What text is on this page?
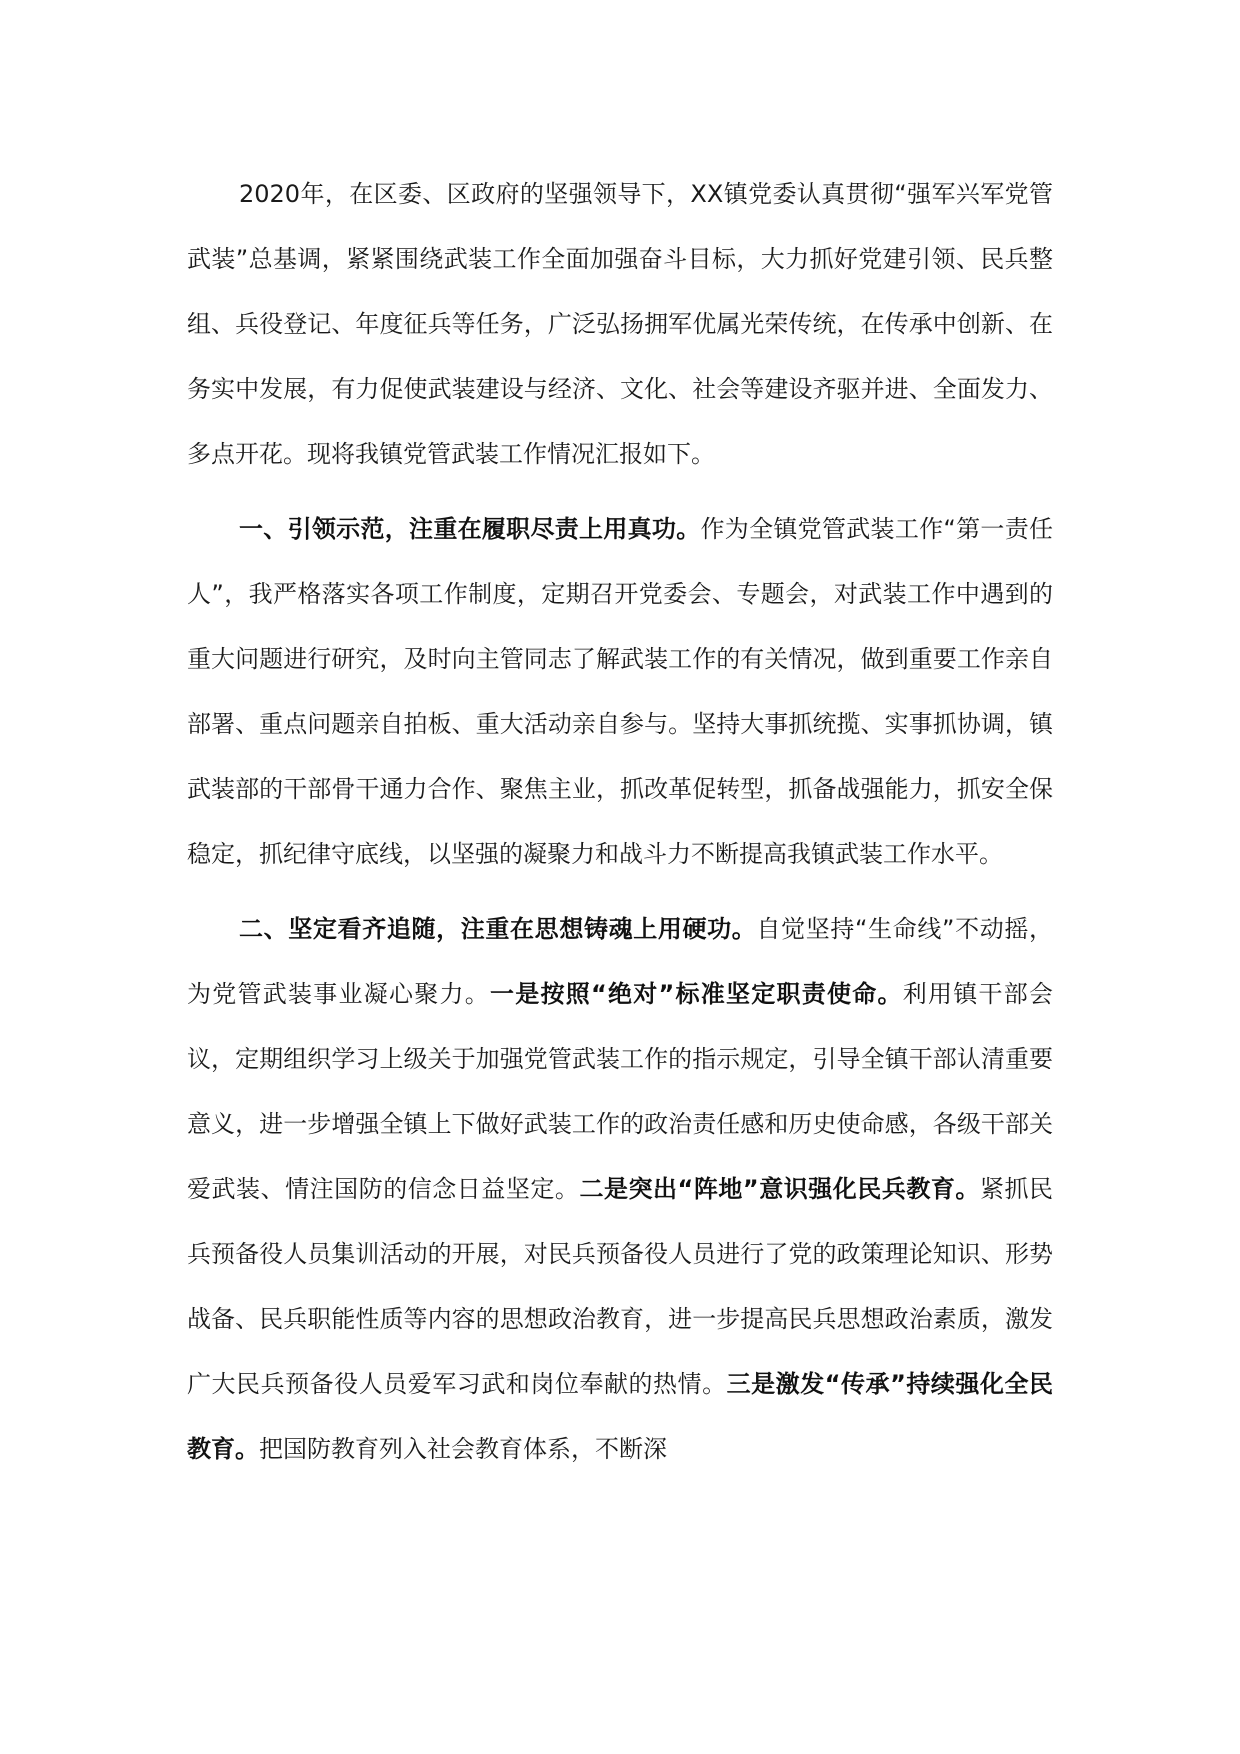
2020年，在区委、区政府的坚强领导下，XX镇党委认真贯彻“强军兴军党管武装”总基调，紧紧围绕武装工作全面加强奋斗目标，大力抓好党建引领、民兵整组、兵役登记、年度征兵等任务，广泛弘扬拥军优属光荣传统，在传承中创新、在务实中发展，有力促使武装建设与经济、文化、社会等建设齐驱并进、全面发力、多点开花。现将我镇党管武装工作情况汇报如下。

一、引领示范，注重在履职尽责上用真功。作为全镇党管武装工作“第一责任人”，我严格落实各项工作制度，定期召开党委会、专题会，对武装工作中遇到的重大问题进行研究，及时向主管同志了解武装工作的有关情况，做到重要工作亲自部署、重点问题亲自拍板、重大活动亲自参与。坚持大事抓统揽、实事抓协调，镇武装部的干部骨干通力合作、聚焦主业，抓改革促转型，抓备战强能力，抓安全保稳定，抓纪律守底线，以坚强的凝聚力和战斗力不断提高我镇武装工作水平。

二、坚定看齐追随，注重在思想铸魂上用硬功。自觉坚持“生命线”不动摇，为党管武装事业凝心聚力。一是按照“绝对”标准坚定职责使命。利用镇干部会议，定期组织学习上级关于加强党管武装工作的指示规定，引导全镇干部认清重要意义，进一步增强全镇上下做好武装工作的政治责任感和历史使命感，各级干部关爱武装、情注国防的信念日益坚定。二是突出“阵地”意识强化民兵教育。紧抓民兵预备役人员集训活动的开展，对民兵预备役人员进行了党的政策理论知识、形势战备、民兵职能性质等内容的思想政治教育，进一步提高民兵思想政治素质，激发广大民兵预备役人员爱军习武和岗位奉献的热情。三是激发“传承”持续强化全民教育。把国防教育列入社会教育体系，不断深
